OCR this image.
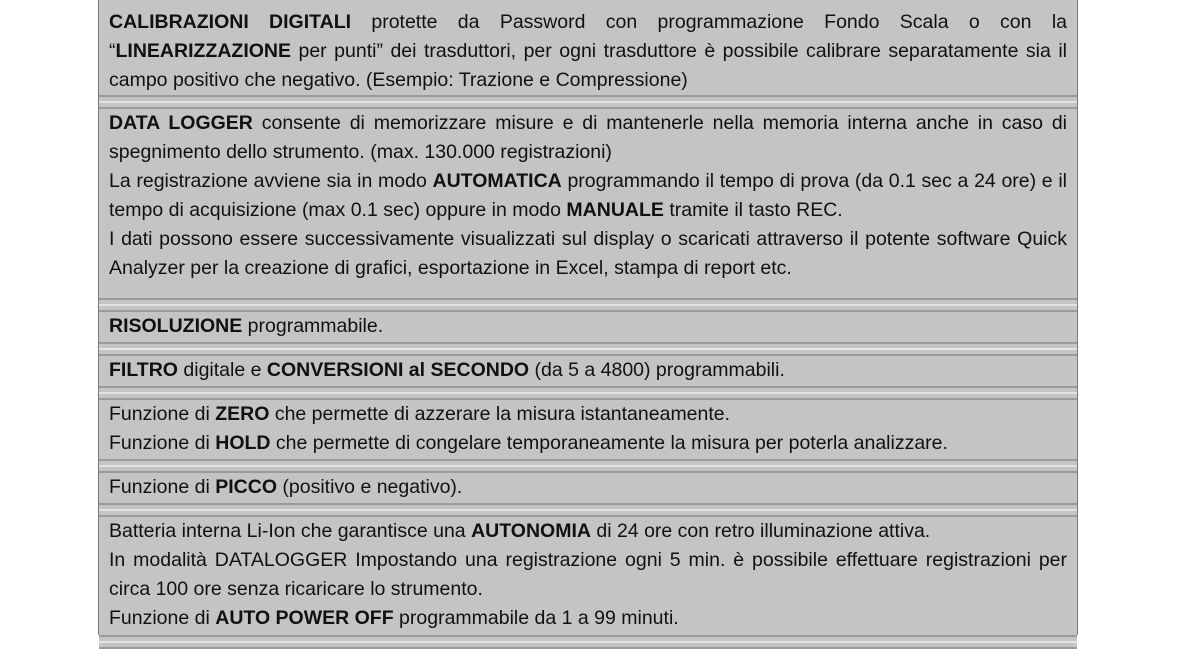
CALIBRAZIONI DIGITALI protette da Password con programmazione Fondo Scala o con la “LINEARIZZAZIONE per punti” dei trasduttori, per ogni trasduttore è possibile calibrare separatamente sia il campo positivo che negativo. (Esempio: Trazione e Compressione)

DATA LOGGER consente di memorizzare misure e di mantenerle nella memoria interna anche in caso di spegnimento dello strumento. (max. 130.000 registrazioni)

La registrazione avviene sia in modo AUTOMATICA programmando il tempo di prova (da 0.1 sec a 24 ore) e il tempo di acquisizione (max 0.1 sec) oppure in modo MANUALE tramite il tasto REC.

I dati possono essere successivamente visualizzati sul display o scaricati attraverso il potente software Quick Analyzer per la creazione di grafici, esportazione in Excel, stampa di report etc.

RISOLUZIONE programmabile.

FILTRO digitale e CONVERSIONI al SECONDO (da 5 a 4800) programmabili.

Funzione di ZERO che permette di azzerare la misura istantaneamente.

Funzione di HOLD che permette di congelare temporaneamente la misura per poterla analizzare.

Funzione di PICCO (positivo e negativo).

Batteria interna Li-Ion che garantisce una AUTONOMIA di 24 ore con retro illuminazione attiva.

In modalità DATALOGGER Impostando una registrazione ogni 5 min. è possibile effettuare registrazioni per circa 100 ore senza ricaricare lo strumento.

Funzione di AUTO POWER OFF programmabile da 1 a 99 minuti.
